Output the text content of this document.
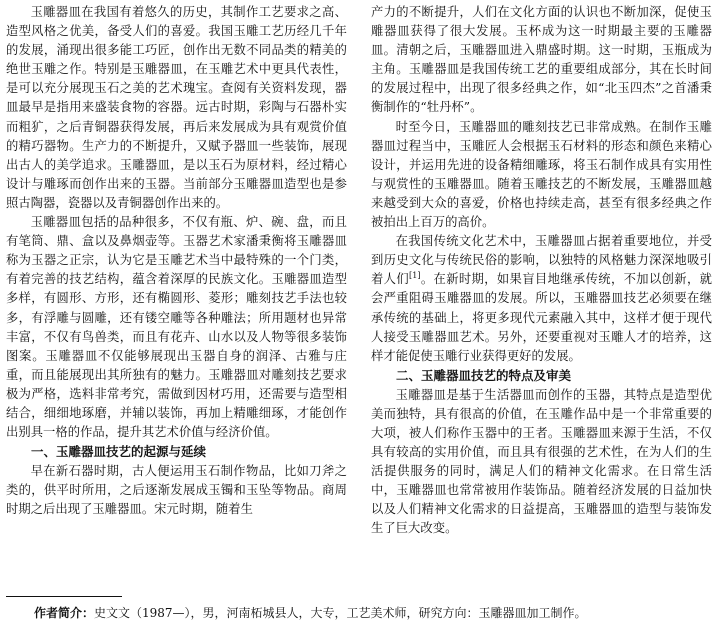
玉雕器皿在我国有着悠久的历史，其制作工艺要求之高、造型风格之优美，备受人们的喜爱。我国玉雕工艺历经几千年的发展，涌现出很多能工巧匠，创作出无数不同品类的精美的绝世玉雕之作。特别是玉雕器皿，在玉雕艺术中更具代表性，是可以充分展现玉石之美的艺术瑰宝。查阅有关资料发现，器皿最早是指用来盛装食物的容器。远古时期，彩陶与石器朴实而粗犷，之后青铜器获得发展，再后来发展成为具有观赏价值的精巧器物。生产力的不断提升，又赋予器皿一些装饰，展现出古人的美学追求。玉雕器皿，是以玉石为原材料，经过精心设计与雕琢而创作出来的玉器。当前部分玉雕器皿造型也是参照古陶器，瓷器以及青铜器创作出来的。

玉雕器皿包括的品种很多，不仅有瓶、炉、碗、盘，而且有笔筒、鼎、盒以及鼻烟壶等。玉器艺术家潘秉衡将玉雕器皿称为玉器之正宗，认为它是玉雕艺术当中最特殊的一个门类，有着完善的技艺结构，蕴含着深厚的民族文化。玉雕器皿造型多样，有圆形、方形，还有椭圆形、菱形；雕刻技艺手法也较多，有浮雕与圆雕，还有镂空雕等各种雕法；所用题材也异常丰富，不仅有鸟兽类，而且有花卉、山水以及人物等很多装饰图案。玉雕器皿不仅能够展现出玉器自身的润泽、古雅与庄重，而且能展现出其所独有的魅力。玉雕器皿对雕刻技艺要求极为严格，选料非常考究，需做到因材巧用，还需要与造型相结合，细细地琢磨，并辅以装饰，再加上精雕细琢，才能创作出别具一格的作品，提升其艺术价值与经济价值。

一、玉雕器皿技艺的起源与延续

早在新石器时期，古人便运用玉石制作物品，比如刀斧之类的，供平时所用，之后逐渐发展成玉镯和玉坠等物品。商周时期之后出现了玉雕器皿。宋元时期，随着生

产力的不断提升，人们在文化方面的认识也不断加深，促使玉雕器皿获得了很大发展。玉杯成为这一时期最主要的玉雕器皿。清朝之后，玉雕器皿进入鼎盛时期。这一时期，玉瓶成为主角。玉雕器皿是我国传统工艺的重要组成部分，其在长时间的发展过程中，出现了很多经典之作，如“北玉四杰”之首潘秉衡制作的“牡丹杯”。

时至今日，玉雕器皿的雕刻技艺已非常成熟。在制作玉雕器皿过程当中，玉雕匠人会根据玉石材料的形态和颜色来精心设计，并运用先进的设备精细雕琢，将玉石制作成具有实用性与观赏性的玉雕器皿。随着玉雕技艺的不断发展，玉雕器皿越来越受到大众的喜爱，价格也持续走高，甚至有很多经典之作被拍出上百万的高价。

在我国传统文化艺术中，玉雕器皿占据着重要地位，并受到历史文化与传统民俗的影响，以独特的风格魅力深深地吸引着人们[1]。在新时期，如果盲目地继承传统，不加以创新，就会严重阻碍玉雕器皿的发展。所以，玉雕器皿技艺必须要在继承传统的基础上，将更多现代元素融入其中，这样才便于现代人接受玉雕器皿艺术。另外，还要重视对玉雕人才的培养，这样才能促使玉雕行业获得更好的发展。

二、玉雕器皿技艺的特点及审美

玉雕器皿是基于生活器皿而创作的玉器，其特点是造型优美而独特，具有很高的价值，在玉雕作品中是一个非常重要的大项，被人们称作玉器中的王者。玉雕器皿来源于生活，不仅具有较高的实用价值，而且具有很强的艺术性，在为人们的生活提供服务的同时，满足人们的精神文化需求。在日常生活中，玉雕器皿也常常被用作装饰品。随着经济发展的日益加快以及人们精神文化需求的日益提高，玉雕器皿的造型与装饰发生了巨大改变。

作者简介：史文文（1987—），男，河南柘城县人，大专，工艺美术师，研究方向：玉雕器皿加工制作。
